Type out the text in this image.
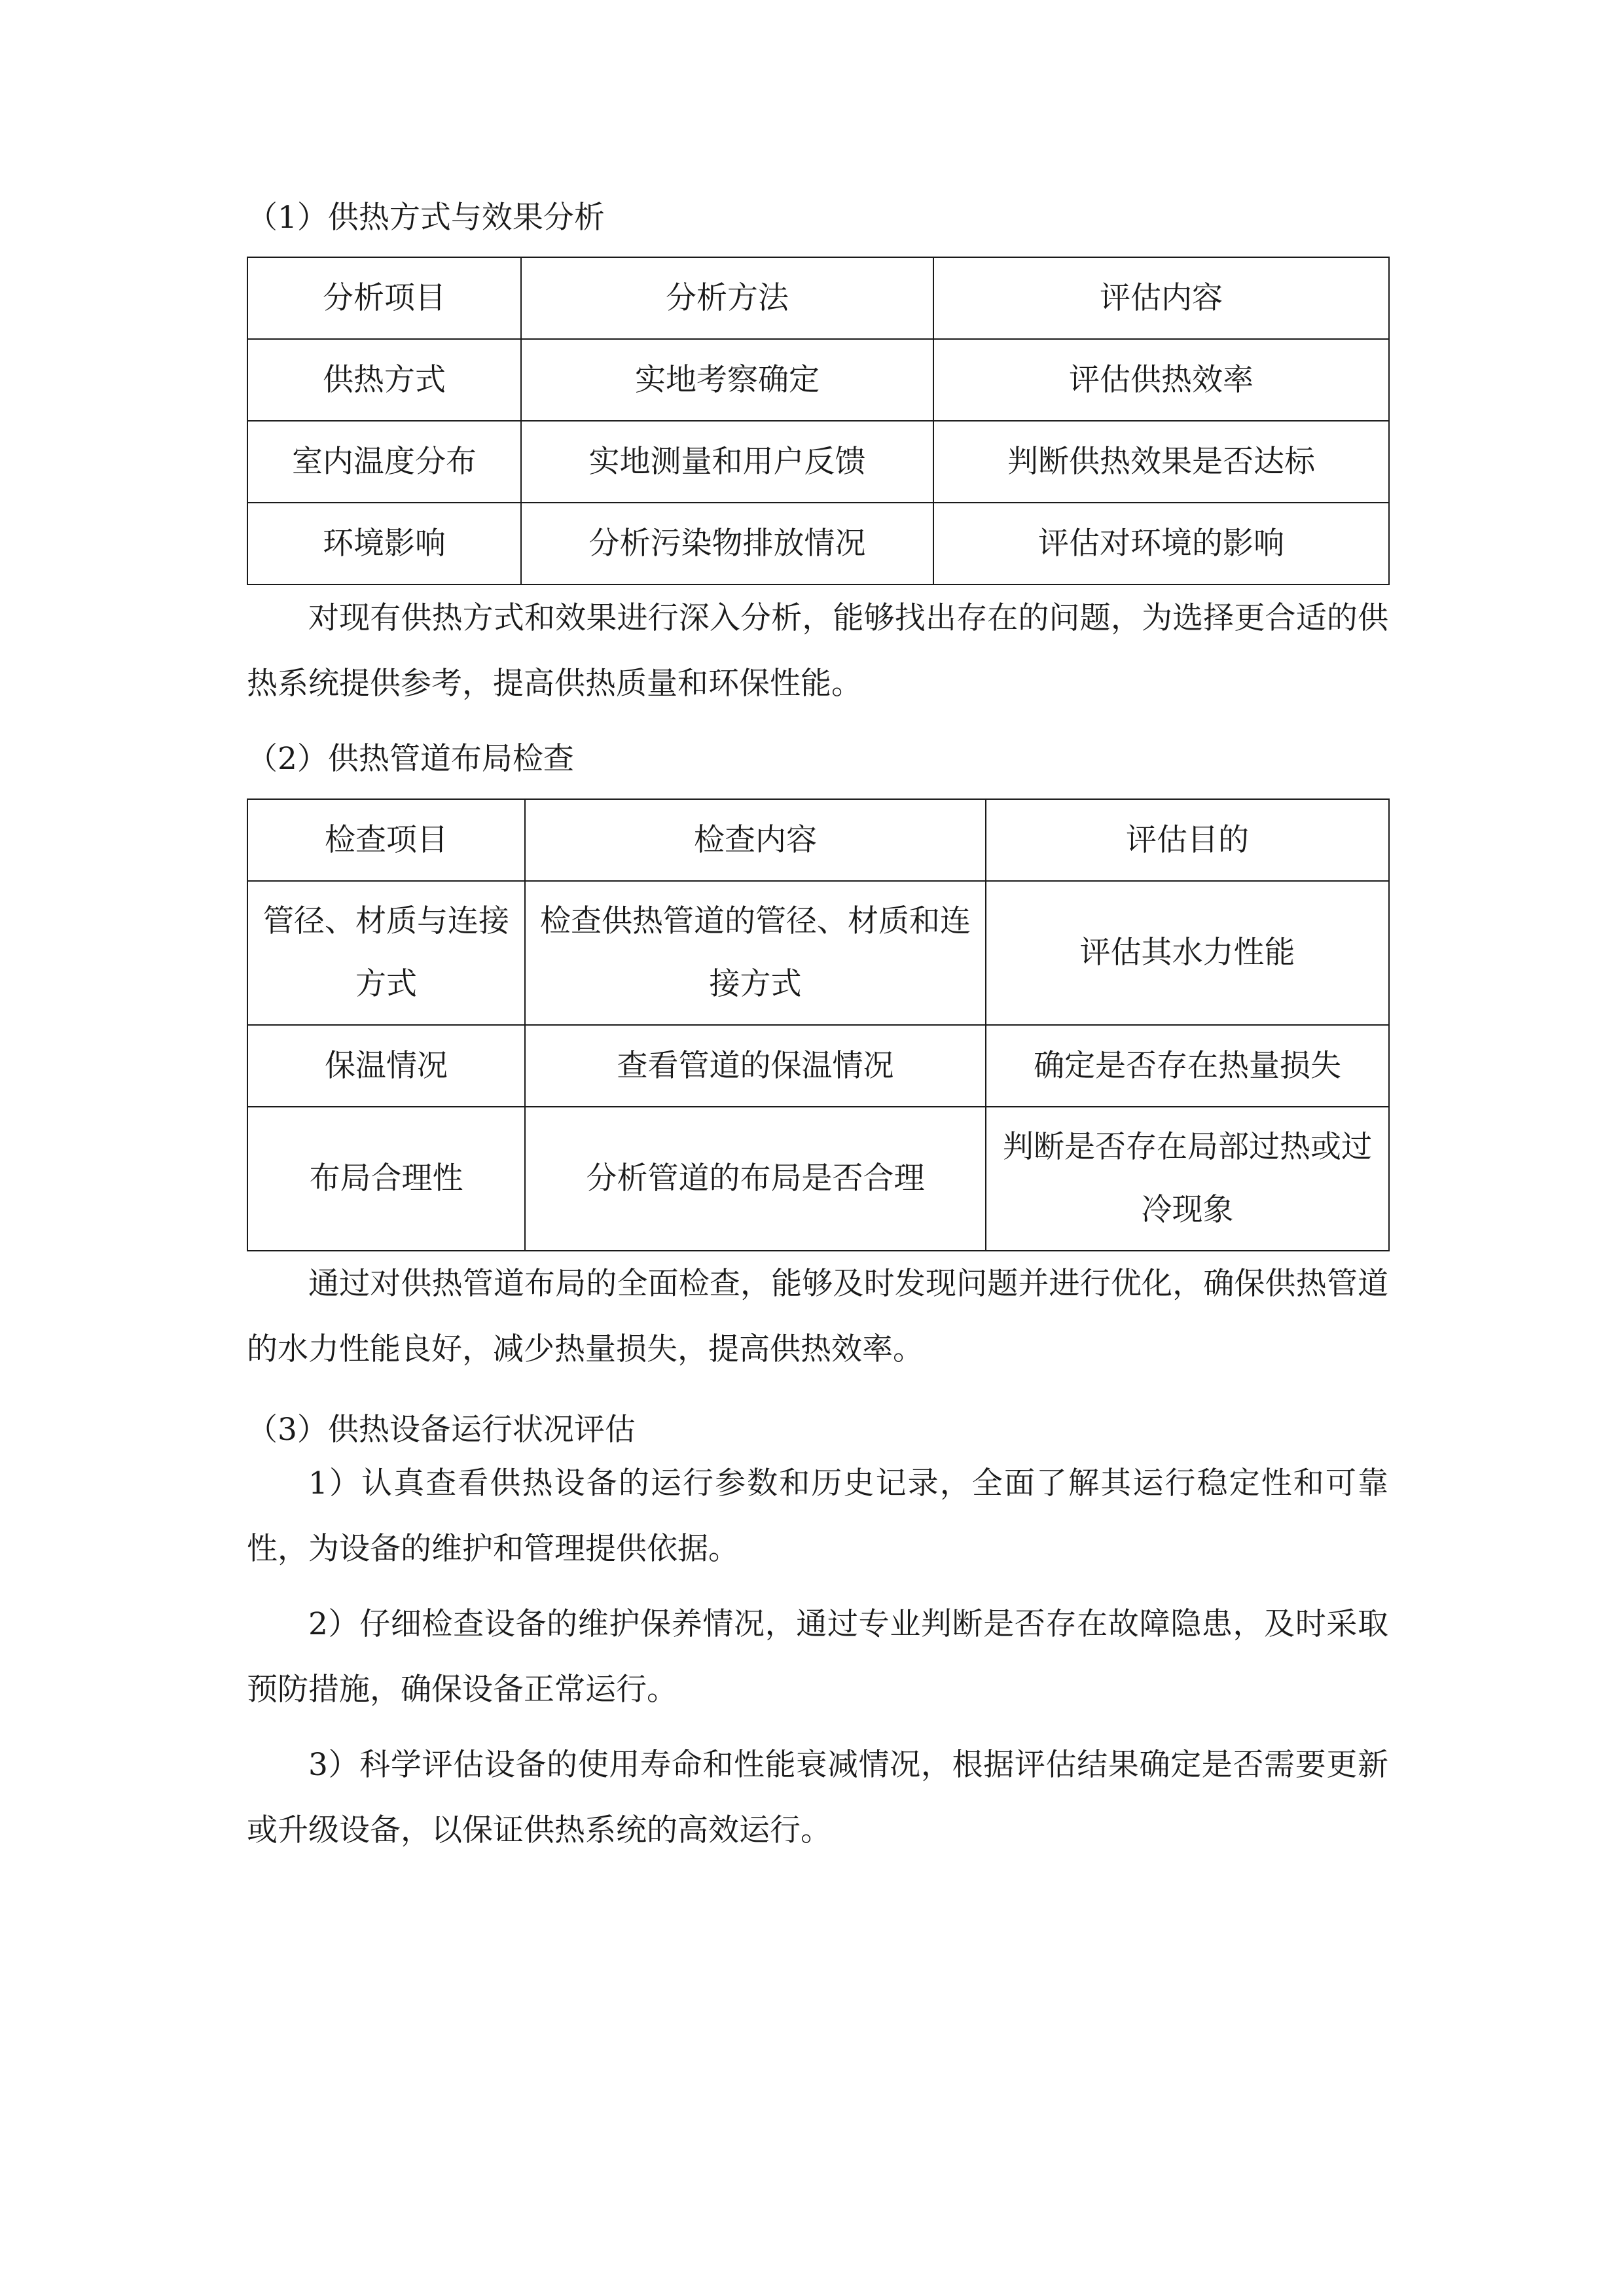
（1）供热方式与效果分析
分析项目	分析方法	评估内容
供热方式	实地考察确定	评估供热效率
室内温度分布	实地测量和用户反馈	判断供热效果是否达标
环境影响	分析污染物排放情况	评估对环境的影响

对现有供热方式和效果进行深入分析，能够找出存在的问题，为选择更合适的供热系统提供参考，提高供热质量和环保性能。

（2）供热管道布局检查
检查项目	检查内容	评估目的
管径、材质与连接方式	检查供热管道的管径、材质和连接方式	评估其水力性能
保温情况	查看管道的保温情况	确定是否存在热量损失
布局合理性	分析管道的布局是否合理	判断是否存在局部过热或过冷现象

通过对供热管道布局的全面检查，能够及时发现问题并进行优化，确保供热管道的水力性能良好，减少热量损失，提高供热效率。

（3）供热设备运行状况评估

1）认真查看供热设备的运行参数和历史记录，全面了解其运行稳定性和可靠性，为设备的维护和管理提供依据。

2）仔细检查设备的维护保养情况，通过专业判断是否存在故障隐患，及时采取预防措施，确保设备正常运行。

3）科学评估设备的使用寿命和性能衰减情况，根据评估结果确定是否需要更新或升级设备，以保证供热系统的高效运行。
